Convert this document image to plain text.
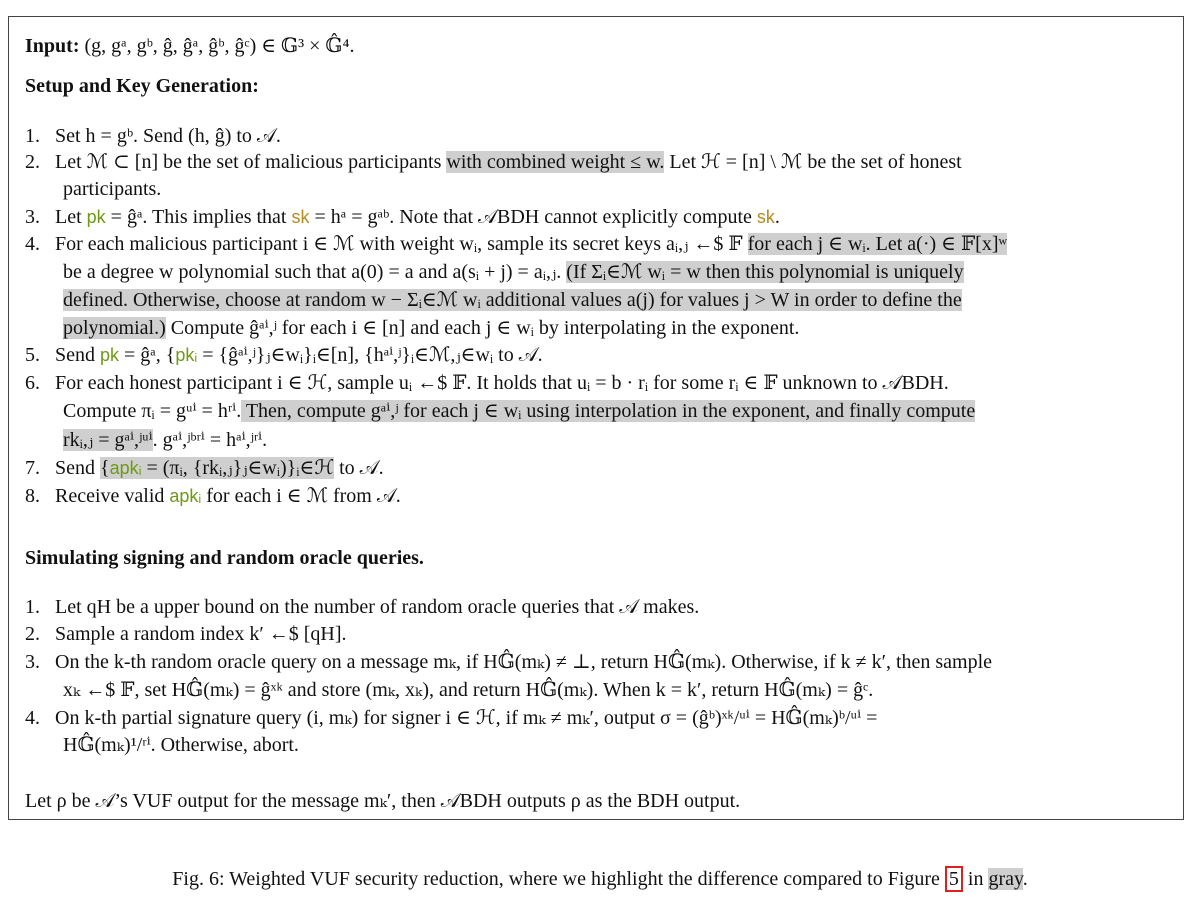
Input: (g, gᵃ, gᵇ, ĝ, ĝᵃ, ĝᵇ, ĝᶜ) ∈ 𝔾³ × 𝔾̂⁴.
Setup and Key Generation:
1. Set h = gᵇ. Send (h, ĝ) to 𝒜.
2. Let ℳ ⊂ [n] be the set of malicious participants with combined weight ≤ w. Let ℋ = [n] \ ℳ be the set of honest
participants.
3. Let pk = ĝᵃ. This implies that sk = hᵃ = gᵃᵇ. Note that 𝒜BDH cannot explicitly compute sk.
4. For each malicious participant i ∈ ℳ with weight wᵢ, sample its secret keys aᵢ,ⱼ ←$ 𝔽 for each j ∈ wᵢ. Let a(·) ∈ 𝔽[x]ʷ
be a degree w polynomial such that a(0) = a and a(sᵢ + j) = aᵢ,ⱼ. (If Σᵢ∈ℳ wᵢ = w then this polynomial is uniquely
defined. Otherwise, choose at random w − Σᵢ∈ℳ wᵢ additional values a(j) for values j > W in order to define the
polynomial.) Compute ĝᵃⁱ,ʲ for each i ∈ [n] and each j ∈ wᵢ by interpolating in the exponent.
5. Send pk = ĝᵃ, {pkᵢ = {ĝᵃⁱ,ʲ}ⱼ∈wᵢ}ᵢ∈[n], {hᵃⁱ,ʲ}ᵢ∈ℳ,ⱼ∈wᵢ to 𝒜.
6. For each honest participant i ∈ ℋ, sample uᵢ ←$ 𝔽. It holds that uᵢ = b · rᵢ for some rᵢ ∈ 𝔽 unknown to 𝒜BDH.
Compute πᵢ = gᵘⁱ = hʳⁱ. Then, compute gᵃⁱ,ʲ for each j ∈ wᵢ using interpolation in the exponent, and finally compute
rkᵢ,ⱼ = gᵃⁱ,ʲᵘⁱ. gᵃⁱ,ʲᵇʳⁱ = hᵃⁱ,ʲʳⁱ.
7. Send {apkᵢ = (πᵢ, {rkᵢ,ⱼ}ⱼ∈wᵢ)}ᵢ∈ℋ to 𝒜.
8. Receive valid apkᵢ for each i ∈ ℳ from 𝒜.
Simulating signing and random oracle queries.
1. Let qH be a upper bound on the number of random oracle queries that 𝒜 makes.
2. Sample a random index k′ ←$ [qH].
3. On the k-th random oracle query on a message mₖ, if H𝔾̂(mₖ) ≠ ⊥, return H𝔾̂(mₖ). Otherwise, if k ≠ k′, then sample
xₖ ←$ 𝔽, set H𝔾̂(mₖ) = ĝˣᵏ and store (mₖ, xₖ), and return H𝔾̂(mₖ). When k = k′, return H𝔾̂(mₖ) = ĝᶜ.
4. On k-th partial signature query (i, mₖ) for signer i ∈ ℋ, if mₖ ≠ mₖ′, output σ = (ĝᵇ)ˣᵏ/ᵘⁱ = H𝔾̂(mₖ)ᵇ/ᵘⁱ =
H𝔾̂(mₖ)¹/ʳⁱ. Otherwise, abort.
Let ρ be 𝒜’s VUF output for the message mₖ′, then 𝒜BDH outputs ρ as the BDH output.
Fig. 6: Weighted VUF security reduction, where we highlight the difference compared to Figure 5 in gray.
